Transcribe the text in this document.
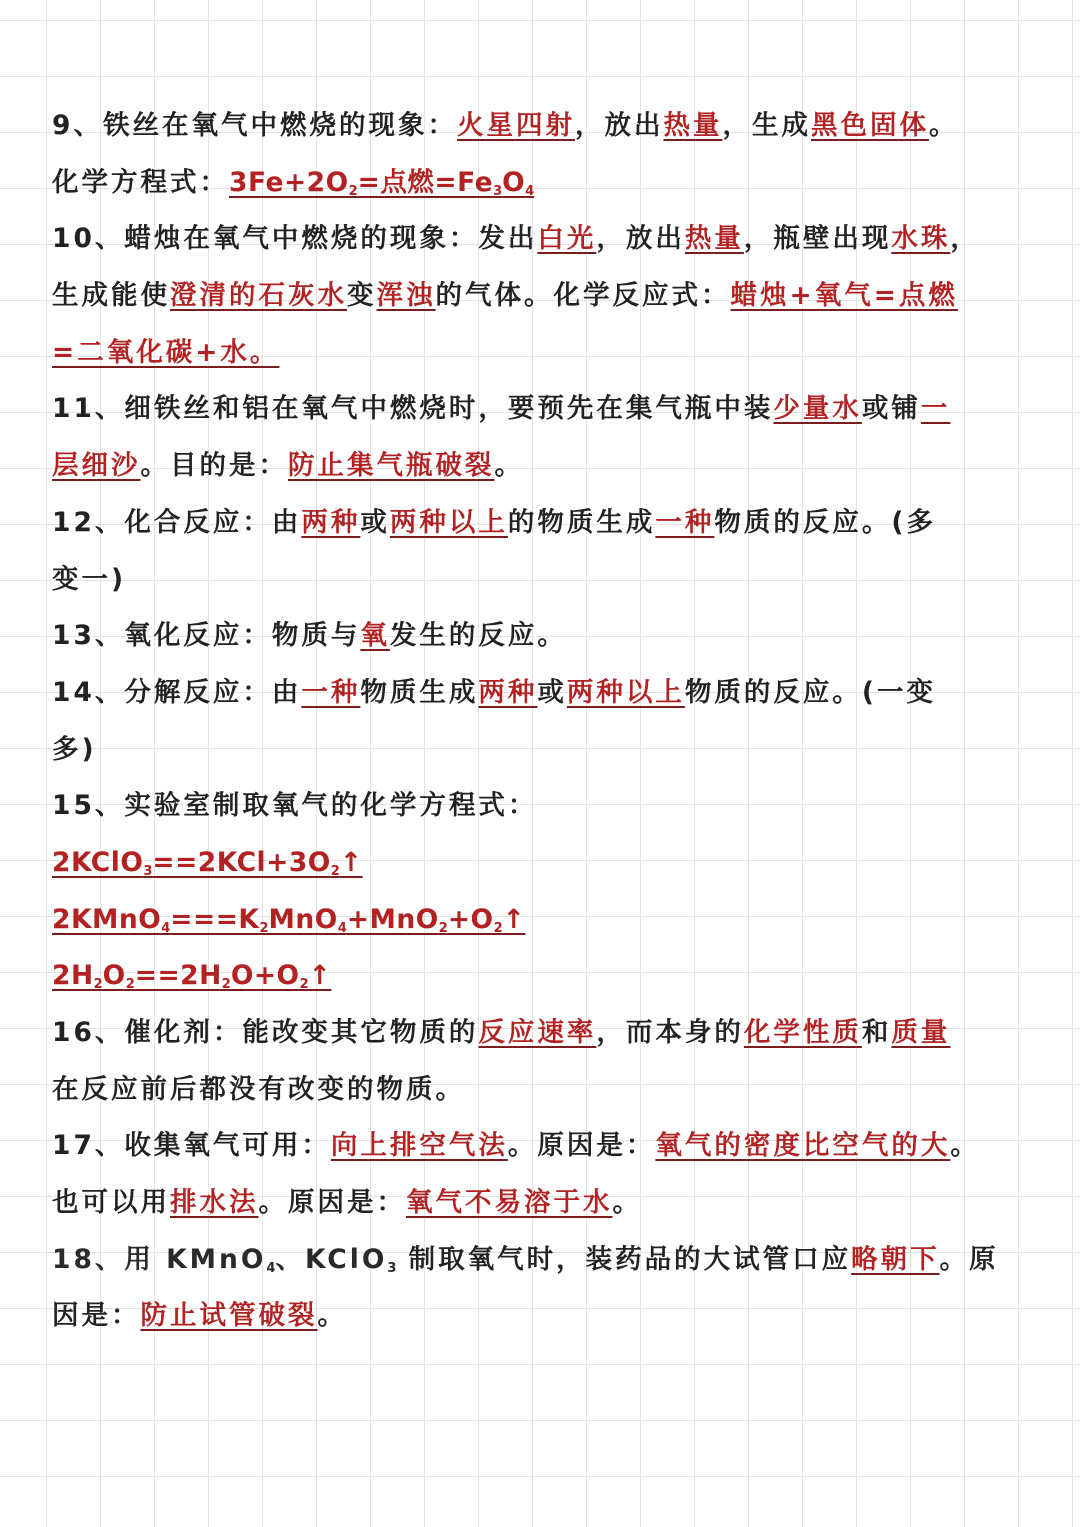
9、铁丝在氧气中燃烧的现象：火星四射，放出热量，生成黑色固体。
化学方程式：$3Fe+2O_2=$点燃$=Fe_3O_4$
10、蜡烛在氧气中燃烧的现象：发出白光，放出热量，瓶壁出现水珠，
生成能使澄清的石灰水变浑浊的气体。化学反应式：蜡烛+氧气=点燃
=二氧化碳+水。
11、细铁丝和铝在氧气中燃烧时，要预先在集气瓶中装少量水或铺一
层细沙。目的是：防止集气瓶破裂。
12、化合反应：由两种或两种以上的物质生成一种物质的反应。(多
变一)
13、氧化反应：物质与氧发生的反应。
14、分解反应：由一种物质生成两种或两种以上物质的反应。(一变
多)
15、实验室制取氧气的化学方程式：
$2KClO_3==2KCl+3O_2↑$
$2KMnO_4===K_2MnO_4+MnO_2+O_2↑$
$2H_2O_2==2H_2O+O_2↑$
16、催化剂：能改变其它物质的反应速率，而本身的化学性质和质量
在反应前后都没有改变的物质。
17、收集氧气可用：向上排空气法。原因是：氧气的密度比空气的大。
也可以用排水法。原因是：氧气不易溶于水。
18、用 KMnO$_4$、KClO$_3$ 制取氧气时，装药品的大试管口应略朝下。原
因是：防止试管破裂。
